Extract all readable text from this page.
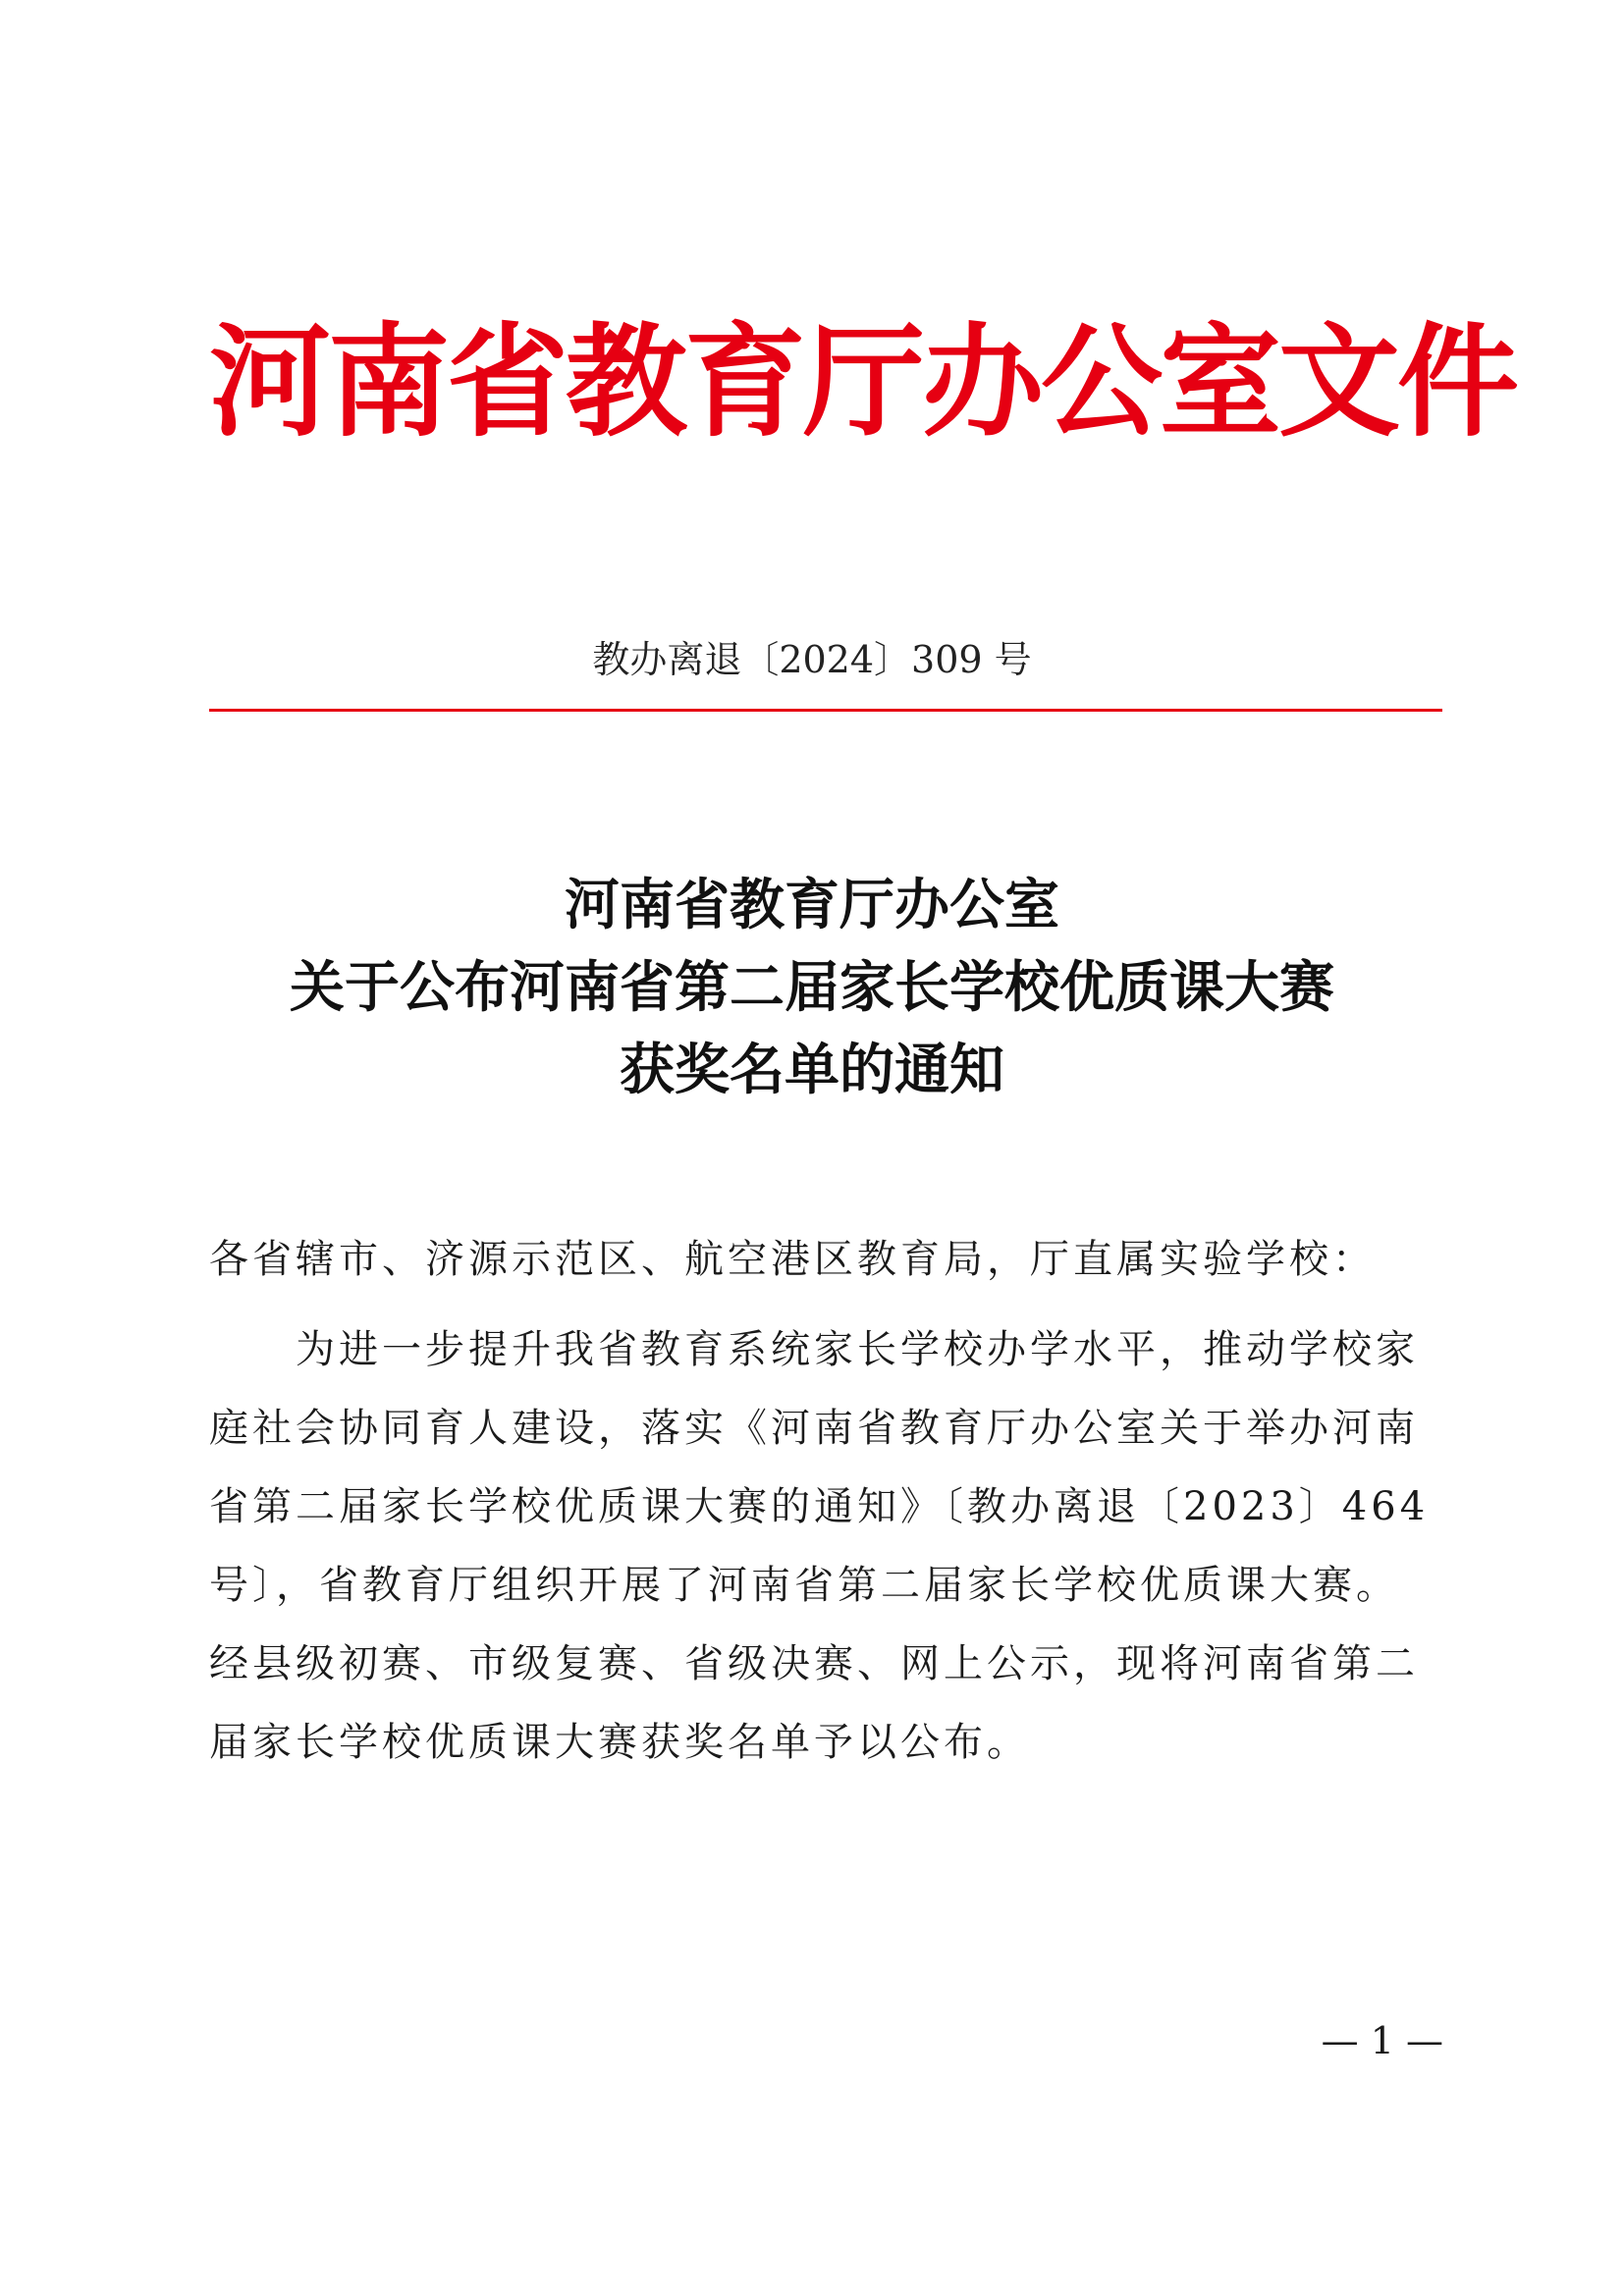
河南省教育厅办公室文件
教办离退〔2024〕309 号
河南省教育厅办公室
关于公布河南省第二届家长学校优质课大赛
获奖名单的通知
各省辖市、济源示范区、航空港区教育局，厅直属实验学校：
为进一步提升我省教育系统家长学校办学水平，推动学校家
庭社会协同育人建设，落实《河南省教育厅办公室关于举办河南
省第二届家长学校优质课大赛的通知》〔教办离退〔2023〕464
号〕，省教育厅组织开展了河南省第二届家长学校优质课大赛。
经县级初赛、市级复赛、省级决赛、网上公示，现将河南省第二
届家长学校优质课大赛获奖名单予以公布。
— 1 —
